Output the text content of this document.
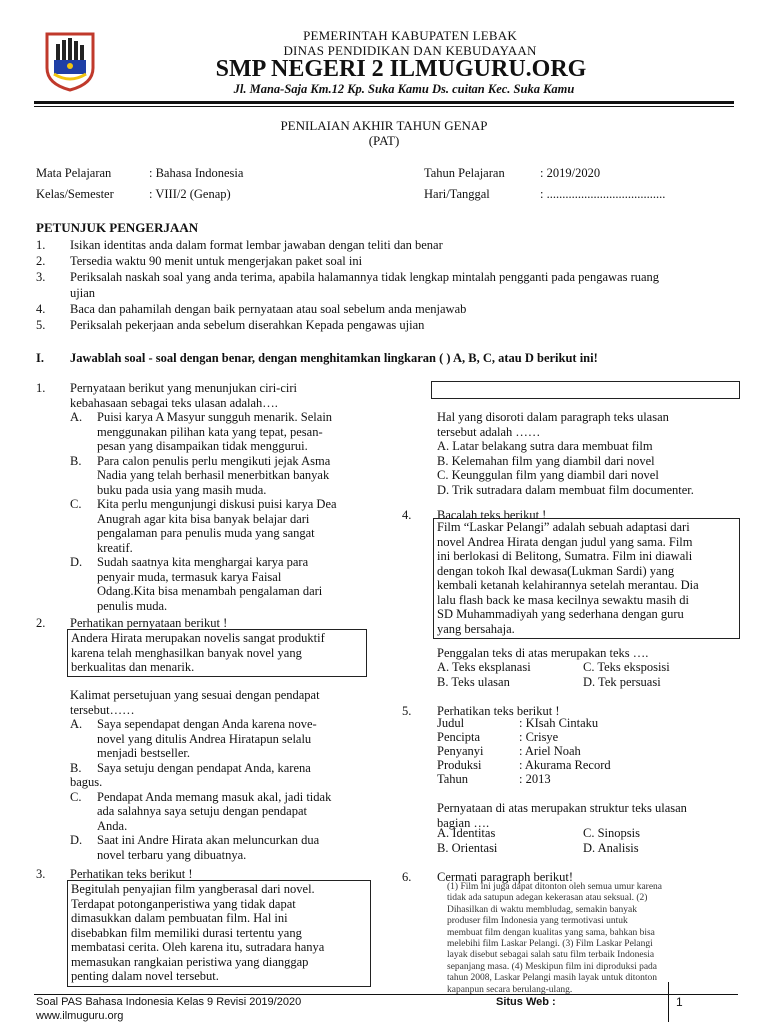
PEMERINTAH KABUPATEN LEBAK
DINAS PENDIDIKAN DAN KEBUDAYAAN
SMP NEGERI 2 ILMUGURU.ORG
Jl. Mana-Saja Km.12 Kp. Suka Kamu Ds. cuitan Kec. Suka Kamu
PENILAIAN AKHIR TAHUN GENAP
(PAT)
Mata Pelajaran	: Bahasa Indonesia
Kelas/Semester	: VIII/2 (Genap)
Tahun Pelajaran	: 2019/2020
Hari/Tanggal	: ......................................
PETUNJUK PENGERJAAN
1. Isikan identitas anda dalam format lembar jawaban dengan teliti dan benar
2. Tersedia waktu 90 menit untuk mengerjakan paket soal ini
3. Periksalah naskah soal yang anda terima, apabila halamannya tidak lengkap mintalah pengganti pada pengawas ruang
ujian
4. Baca dan pahamilah dengan baik pernyataan atau soal sebelum anda menjawab
5. Periksalah pekerjaan anda sebelum diserahkan Kepada pengawas ujian
I. Jawablah soal - soal dengan benar, dengan menghitamkan lingkaran ( ) A, B, C, atau D berikut ini!
1. Pernyataan berikut yang menunjukan ciri-ciri
kebahasaan sebagai teks ulasan adalah….
A. Puisi karya A Masyur sungguh menarik. Selain
menggunakan pilihan kata yang tepat, pesan-
pesan yang disampaikan tidak menggurui.
B. Para calon penulis perlu mengikuti jejak Asma
Nadia yang telah berhasil menerbitkan banyak
buku pada usia yang masih muda.
C. Kita perlu mengunjungi diskusi puisi karya Dea
Anugrah agar kita bisa banyak belajar dari
pengalaman para penulis muda yang sangat
kreatif.
D. Sudah saatnya kita menghargai karya para
penyair muda, termasuk karya Faisal
Odang.Kita bisa menambah pengalaman dari
penulis muda.
2. Perhatikan pernyataan berikut !
Andera Hirata merupakan novelis sangat produktif
karena telah menghasilkan banyak novel yang
berkualitas dan menarik.
Kalimat persetujuan yang sesuai dengan pendapat
tersebut……
A. Saya sependapat dengan Anda karena nove-
novel yang ditulis Andrea Hiratapun selalu
menjadi bestseller.
B. Saya setuju dengan pendapat Anda, karena
bagus.
C. Pendapat Anda memang masuk akal, jadi tidak
ada salahnya saya setuju dengan pendapat
Anda.
D. Saat ini Andre Hirata akan meluncurkan dua
novel terbaru yang dibuatnya.
3. Perhatikan teks berikut !
Begitulah penyajian film yangberasal dari novel.
Terdapat potonganperistiwa yang tidak dapat
dimasukkan dalam pembuatan film. Hal ini
disebabkan film memiliki durasi tertentu yang
membatasi cerita. Oleh karena itu, sutradara hanya
memasukan rangkaian peristiwa yang dianggap
penting dalam novel tersebut.
Hal yang disoroti dalam paragraph teks ulasan
tersebut adalah ……
A. Latar belakang sutra dara membuat film
B. Kelemahan film yang diambil dari novel
C. Keunggulan film yang diambil dari novel
D. Trik sutradara dalam membuat film documenter.
4. Bacalah teks berikut !
Film “Laskar Pelangi” adalah sebuah adaptasi dari
novel Andrea Hirata dengan judul yang sama. Film
ini berlokasi di Belitong, Sumatra. Film ini diawali
dengan tokoh Ikal dewasa(Lukman Sardi) yang
kembali ketanah kelahirannya setelah merantau. Dia
lalu flash back ke masa kecilnya sewaktu masih di
SD Muhammadiyah yang sederhana dengan guru
yang bersahaja.
Penggalan teks di atas merupakan teks ….
A. Teks eksplanasi	C. Teks eksposisi
B. Teks ulasan	D. Tek persuasi
5. Perhatikan teks berikut !
Judul	: KIsah Cintaku
Pencipta	: Crisye
Penyanyi	: Ariel Noah
Produksi	: Akurama Record
Tahun	: 2013
Pernyataan di atas merupakan struktur teks ulasan
bagian ….
A. Identitas	C. Sinopsis
B. Orientasi	D. Analisis
6. Cermati paragraph berikut!
(1) Film ini juga dapat ditonton oleh semua umur karena
tidak ada satupun adegan kekerasan atau seksual. (2)
Dihasilkan di waktu membludag, semakin banyak
produser film Indonesia yang termotivasi untuk
membuat film dengan kualitas yang sama, bahkan bisa
melebihi film Laskar Pelangi. (3) Film Laskar Pelangi
layak disebut sebagai salah satu film terbaik Indonesia
sepanjang masa. (4) Meskipun film ini diproduksi pada
tahun 2008, Laskar Pelangi masih layak untuk ditonton
kapanpun secara berulang-ulang.
Soal PAS Bahasa Indonesia Kelas 9 Revisi 2019/2020
www.ilmuguru.org
Situs Web :	1
